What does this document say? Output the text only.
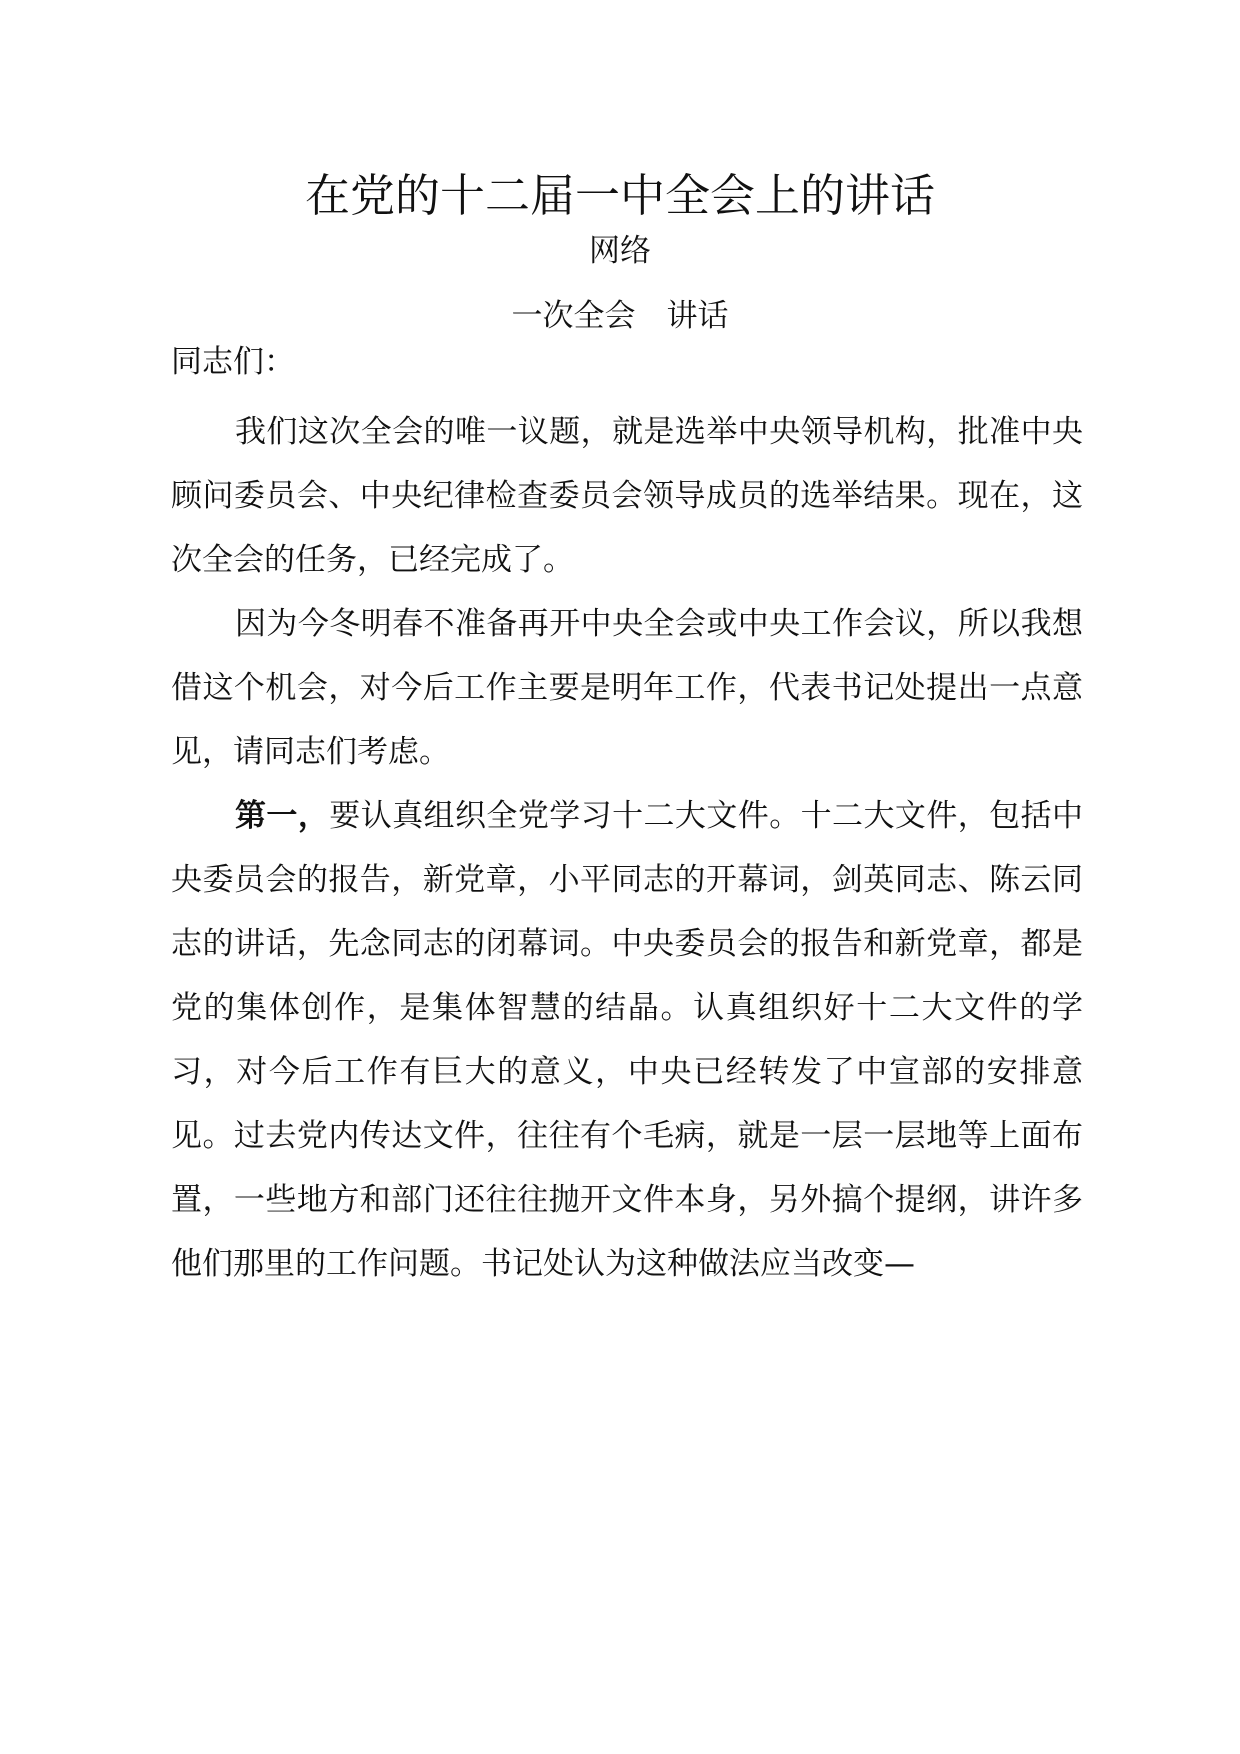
在党的十二届一中全会上的讲话
网络
一次全会　讲话
同志们：

我们这次全会的唯一议题，就是选举中央领导机构，批准中央顾问委员会、中央纪律检查委员会领导成员的选举结果。现在，这次全会的任务，已经完成了。

因为今冬明春不准备再开中央全会或中央工作会议，所以我想借这个机会，对今后工作主要是明年工作，代表书记处提出一点意见，请同志们考虑。

第一，要认真组织全党学习十二大文件。十二大文件，包括中央委员会的报告，新党章，小平同志的开幕词，剑英同志、陈云同志的讲话，先念同志的闭幕词。中央委员会的报告和新党章，都是党的集体创作，是集体智慧的结晶。认真组织好十二大文件的学习，对今后工作有巨大的意义，中央已经转发了中宣部的安排意见。过去党内传达文件，往往有个毛病，就是一层一层地等上面布置，一些地方和部门还往往抛开文件本身，另外搞个提纲，讲许多他们那里的工作问题。书记处认为这种做法应当改变—
